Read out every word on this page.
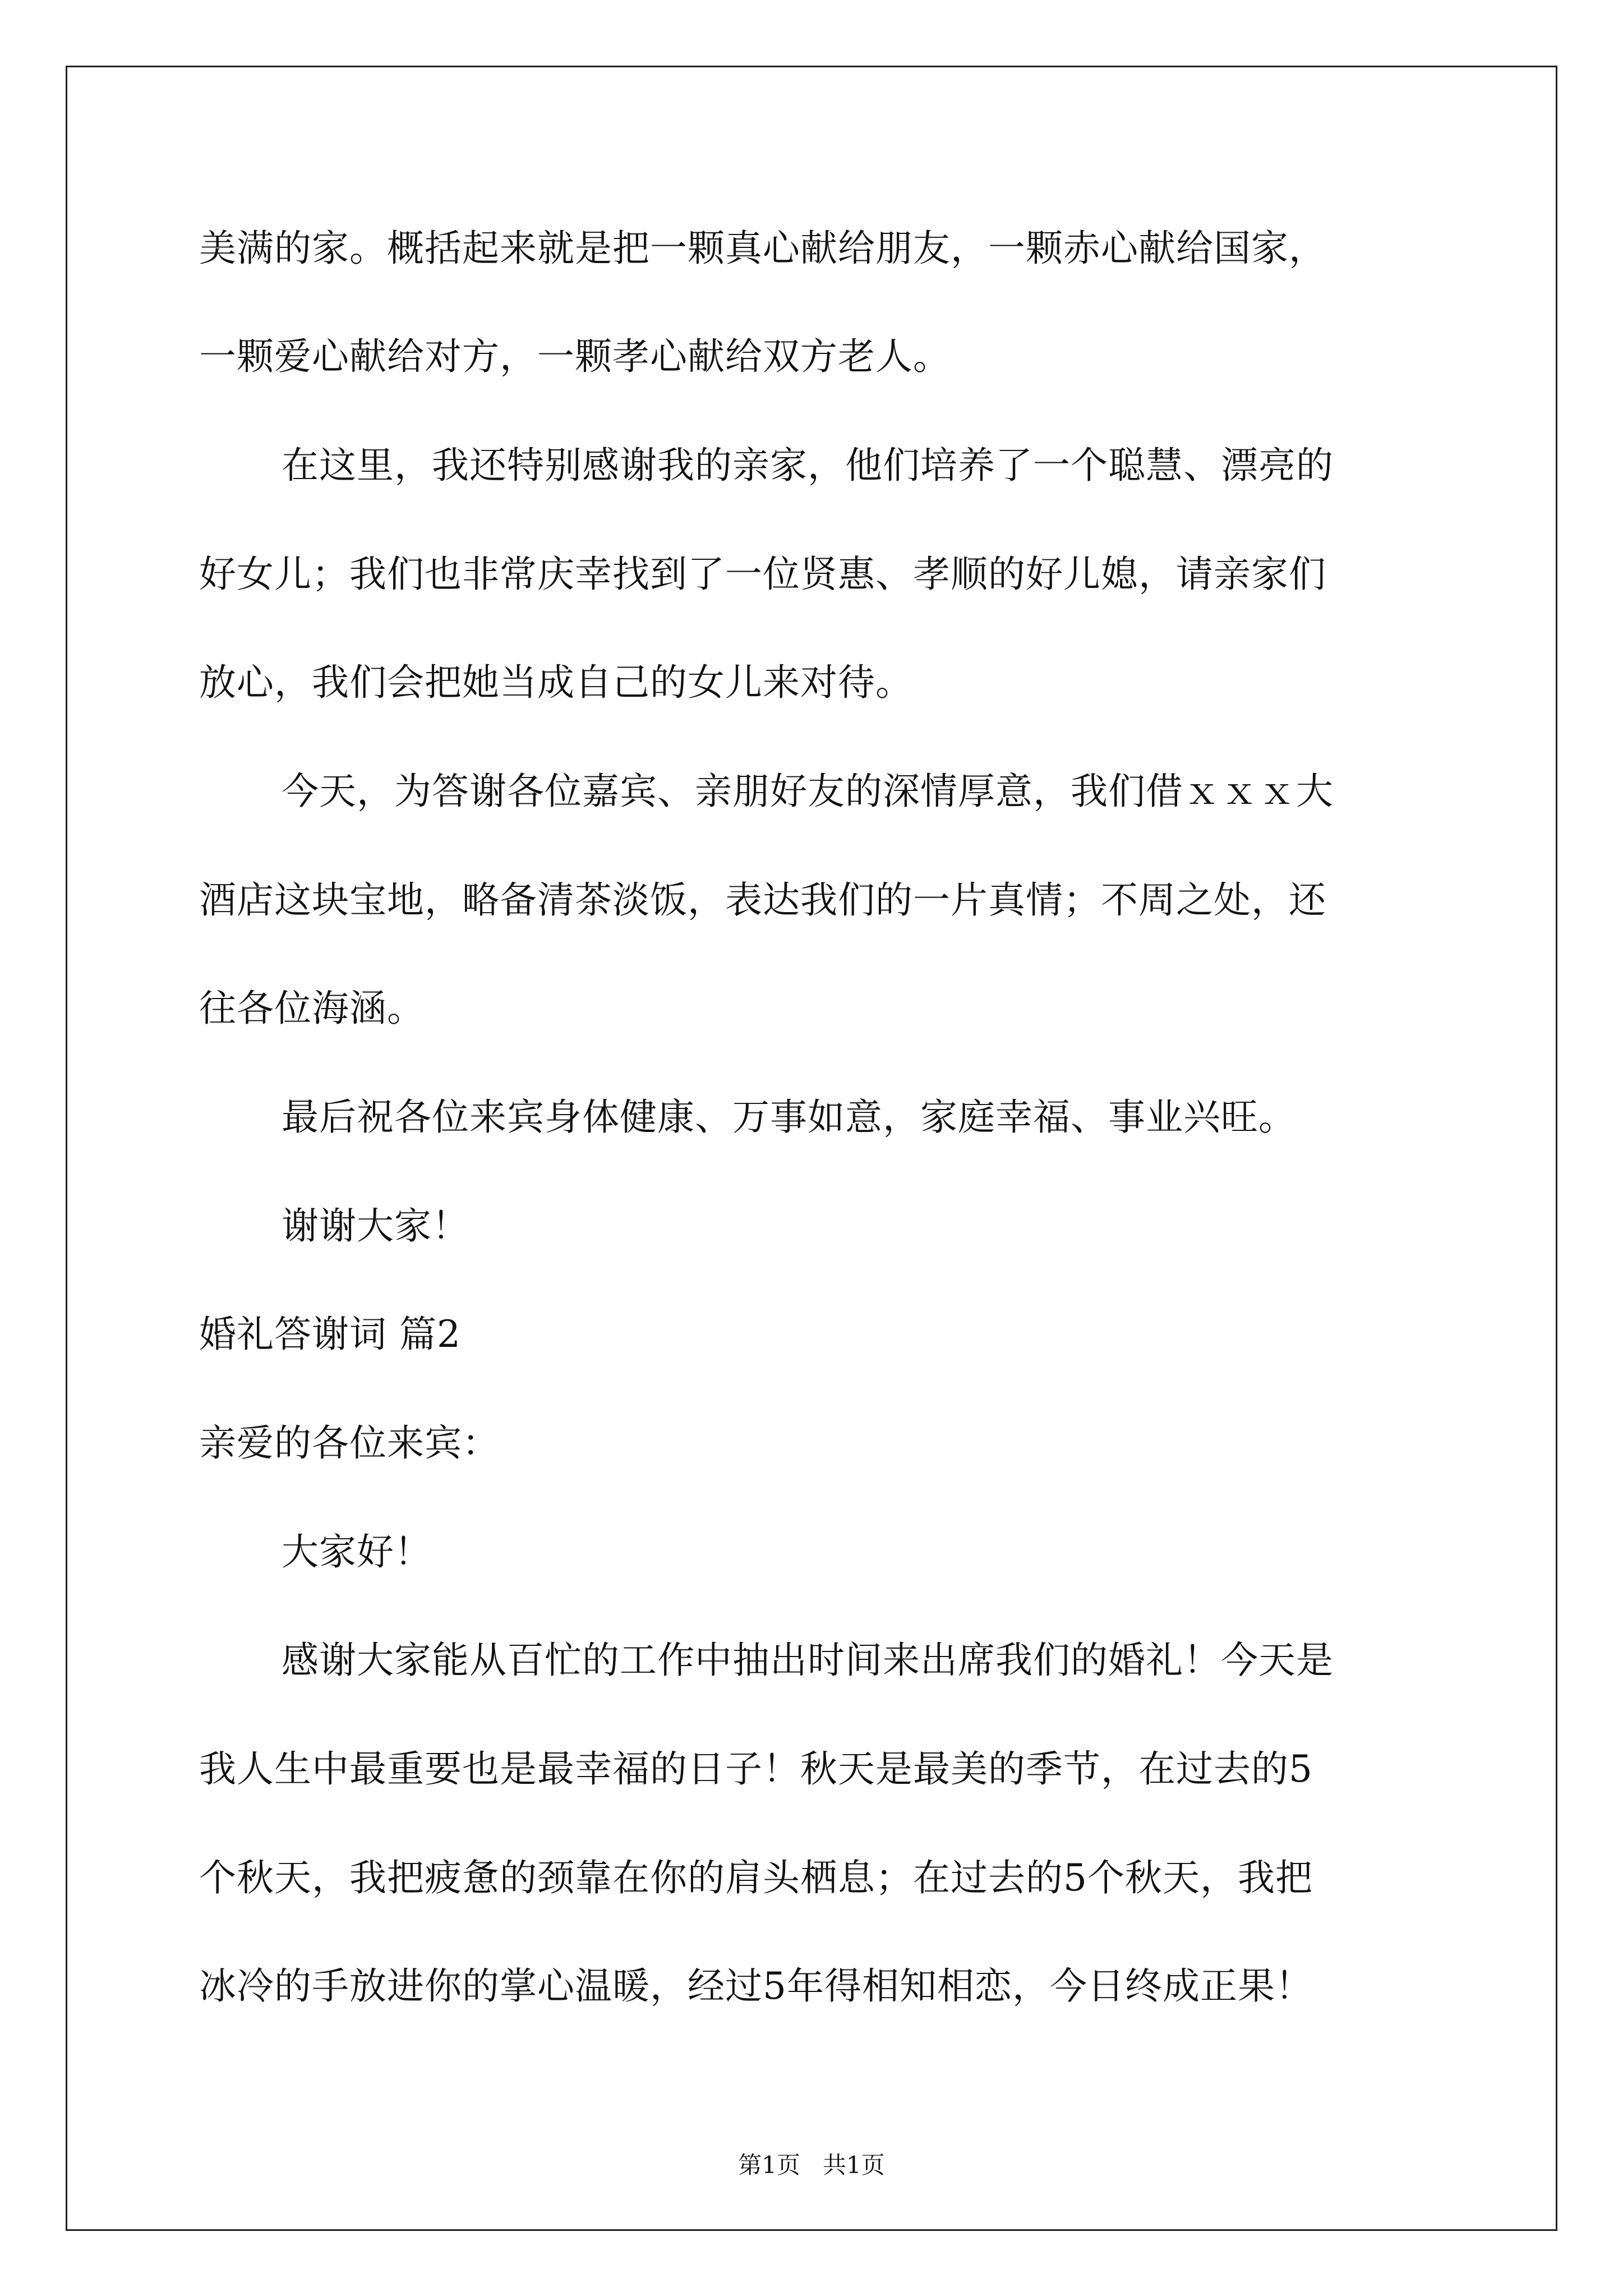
美满的家。概括起来就是把一颗真心献给朋友，一颗赤心献给国家，
一颗爱心献给对方，一颗孝心献给双方老人。
在这里，我还特别感谢我的亲家，他们培养了一个聪慧、漂亮的
好女儿；我们也非常庆幸找到了一位贤惠、孝顺的好儿媳，请亲家们
放心，我们会把她当成自己的女儿来对待。
今天，为答谢各位嘉宾、亲朋好友的深情厚意，我们借ｘｘｘ大
酒店这块宝地，略备清茶淡饭，表达我们的一片真情；不周之处，还
往各位海涵。
最后祝各位来宾身体健康、万事如意，家庭幸福、事业兴旺。
谢谢大家！
婚礼答谢词 篇2
亲爱的各位来宾：
大家好！
感谢大家能从百忙的工作中抽出时间来出席我们的婚礼！今天是
我人生中最重要也是最幸福的日子！秋天是最美的季节，在过去的5
个秋天，我把疲惫的颈靠在你的肩头栖息；在过去的5个秋天，我把
冰冷的手放进你的掌心温暖，经过5年得相知相恋，今日终成正果！
第1页   共1页
